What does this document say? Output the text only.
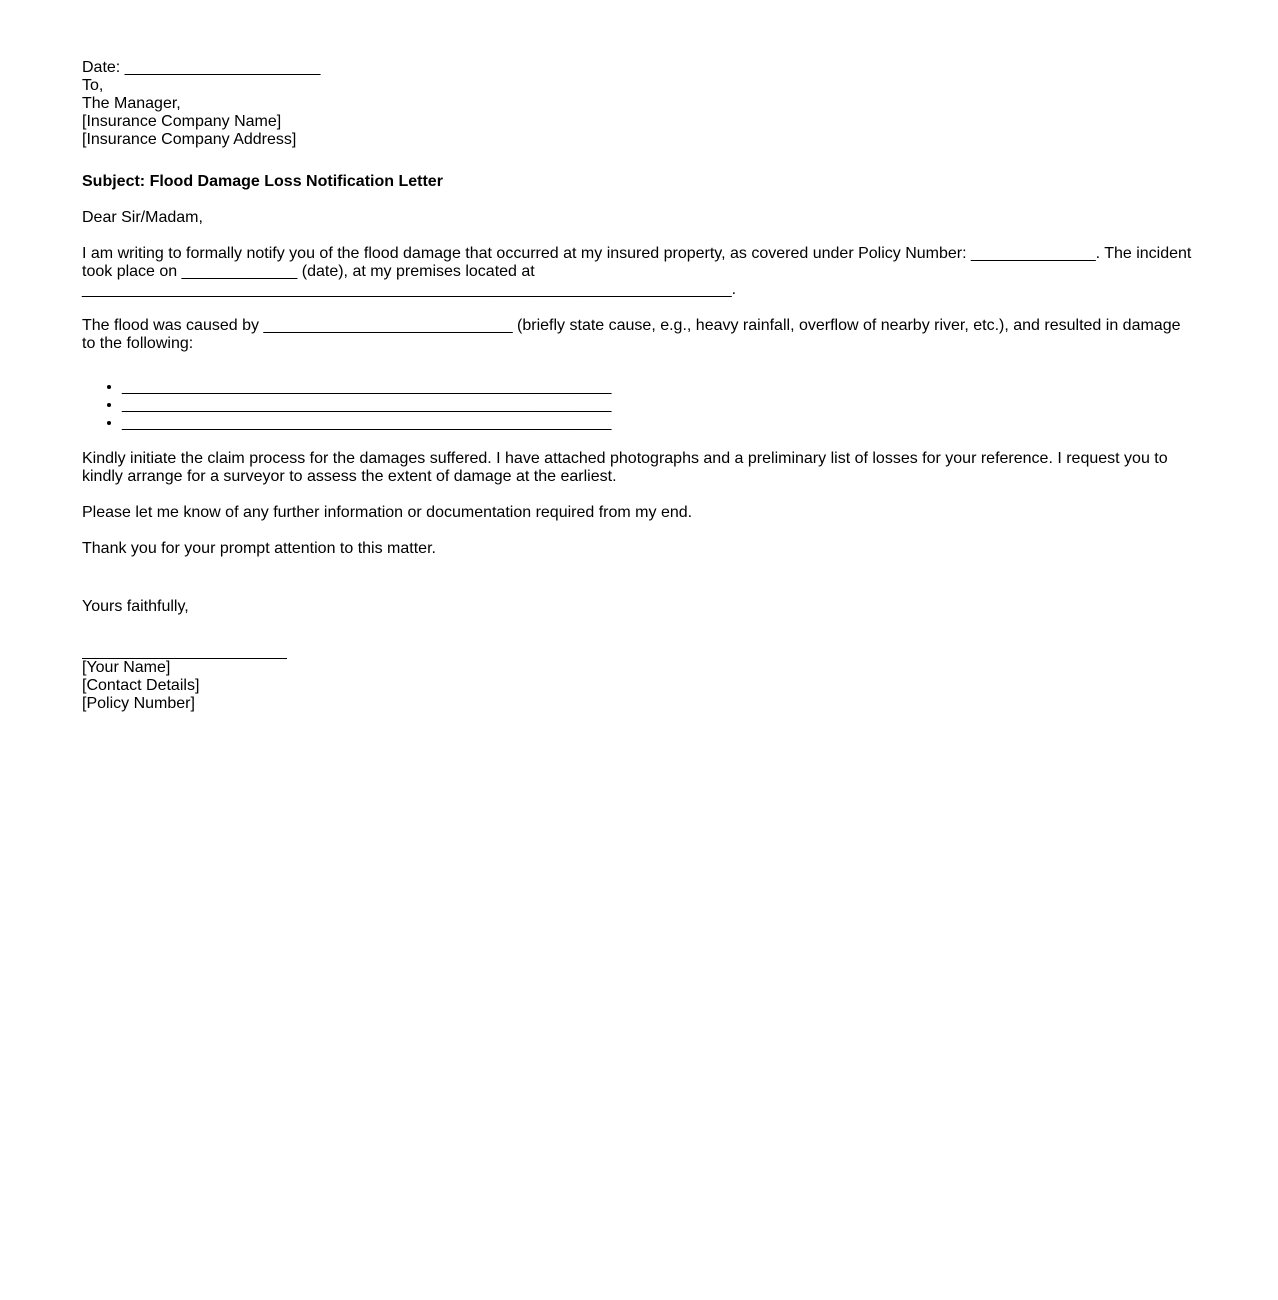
Date: ______________________
To,
The Manager,
[Insurance Company Name]
[Insurance Company Address]
Subject: Flood Damage Loss Notification Letter

Dear Sir/Madam,

I am writing to formally notify you of the flood damage that occurred at my insured property, as covered under Policy Number: ______________. The incident took place on _____________ (date), at my premises located at _________________________________________________________________________.

The flood was caused by ____________________________ (briefly state cause, e.g., heavy rainfall, overflow of nearby river, etc.), and resulted in damage to the following:

• _______________________________________________________
• _______________________________________________________
• _______________________________________________________

Kindly initiate the claim process for the damages suffered. I have attached photographs and a preliminary list of losses for your reference. I request you to kindly arrange for a surveyor to assess the extent of damage at the earliest.

Please let me know of any further information or documentation required from my end.

Thank you for your prompt attention to this matter.

Yours faithfully,
[Your Name]
[Contact Details]
[Policy Number]
